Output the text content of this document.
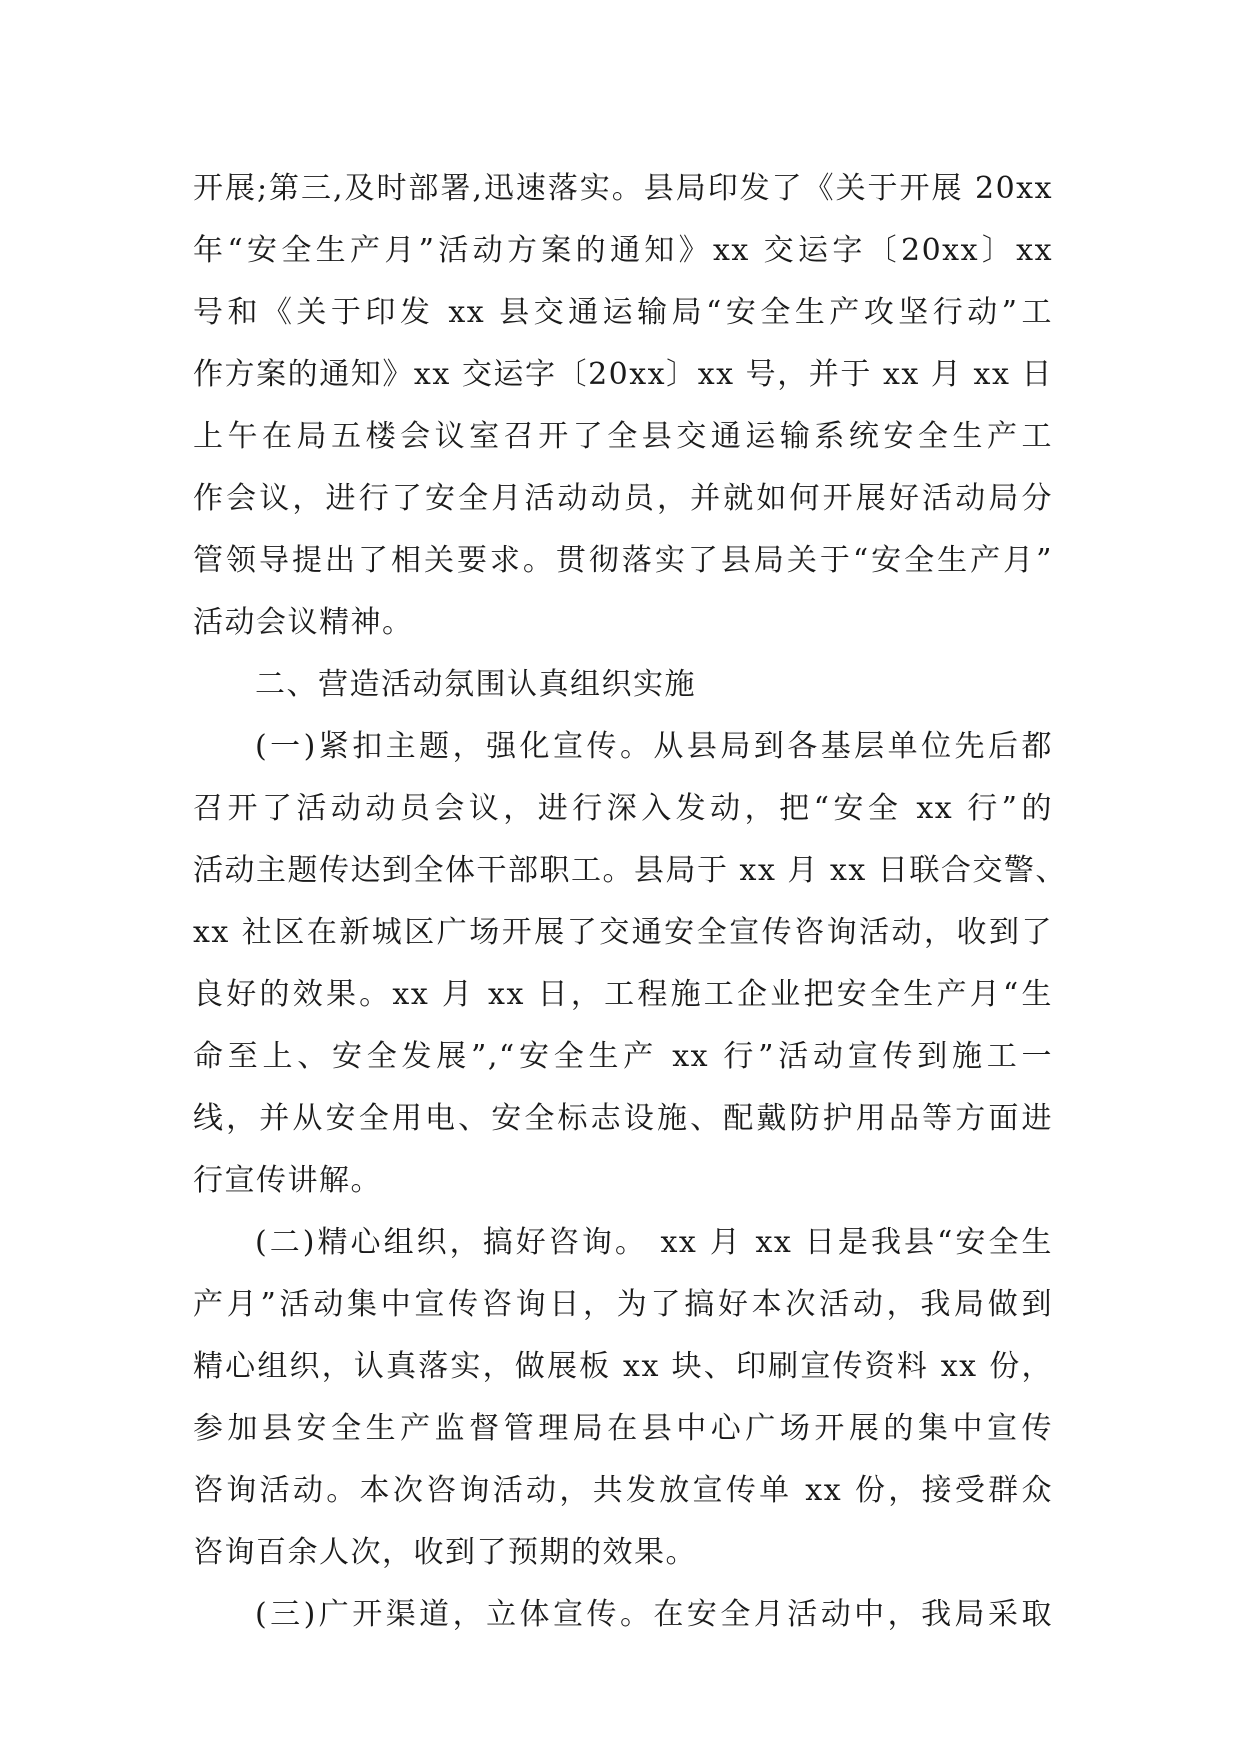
开展;第三,及时部署,迅速落实。县局印发了《关于开展 20xx
年“安全生产月”活动方案的通知》xx 交运字〔20xx〕xx
号和《关于印发 xx 县交通运输局“安全生产攻坚行动”工
作方案的通知》xx 交运字〔20xx〕xx 号，并于 xx 月 xx 日
上午在局五楼会议室召开了全县交通运输系统安全生产工
作会议，进行了安全月活动动员，并就如何开展好活动局分
管领导提出了相关要求。贯彻落实了县局关于“安全生产月”
活动会议精神。
二、营造活动氛围认真组织实施
(一)紧扣主题，强化宣传。从县局到各基层单位先后都
召开了活动动员会议，进行深入发动，把“安全 xx 行”的
活动主题传达到全体干部职工。县局于 xx 月 xx 日联合交警、
xx 社区在新城区广场开展了交通安全宣传咨询活动，收到了
良好的效果。xx 月 xx 日，工程施工企业把安全生产月“生
命至上、安全发展”,“安全生产 xx 行”活动宣传到施工一
线，并从安全用电、安全标志设施、配戴防护用品等方面进
行宣传讲解。
(二)精心组织，搞好咨询。 xx 月 xx 日是我县“安全生
产月”活动集中宣传咨询日，为了搞好本次活动，我局做到
精心组织，认真落实，做展板 xx 块、印刷宣传资料 xx 份，
参加县安全生产监督管理局在县中心广场开展的集中宣传
咨询活动。本次咨询活动，共发放宣传单 xx 份，接受群众
咨询百余人次，收到了预期的效果。
(三)广开渠道，立体宣传。在安全月活动中，我局采取
